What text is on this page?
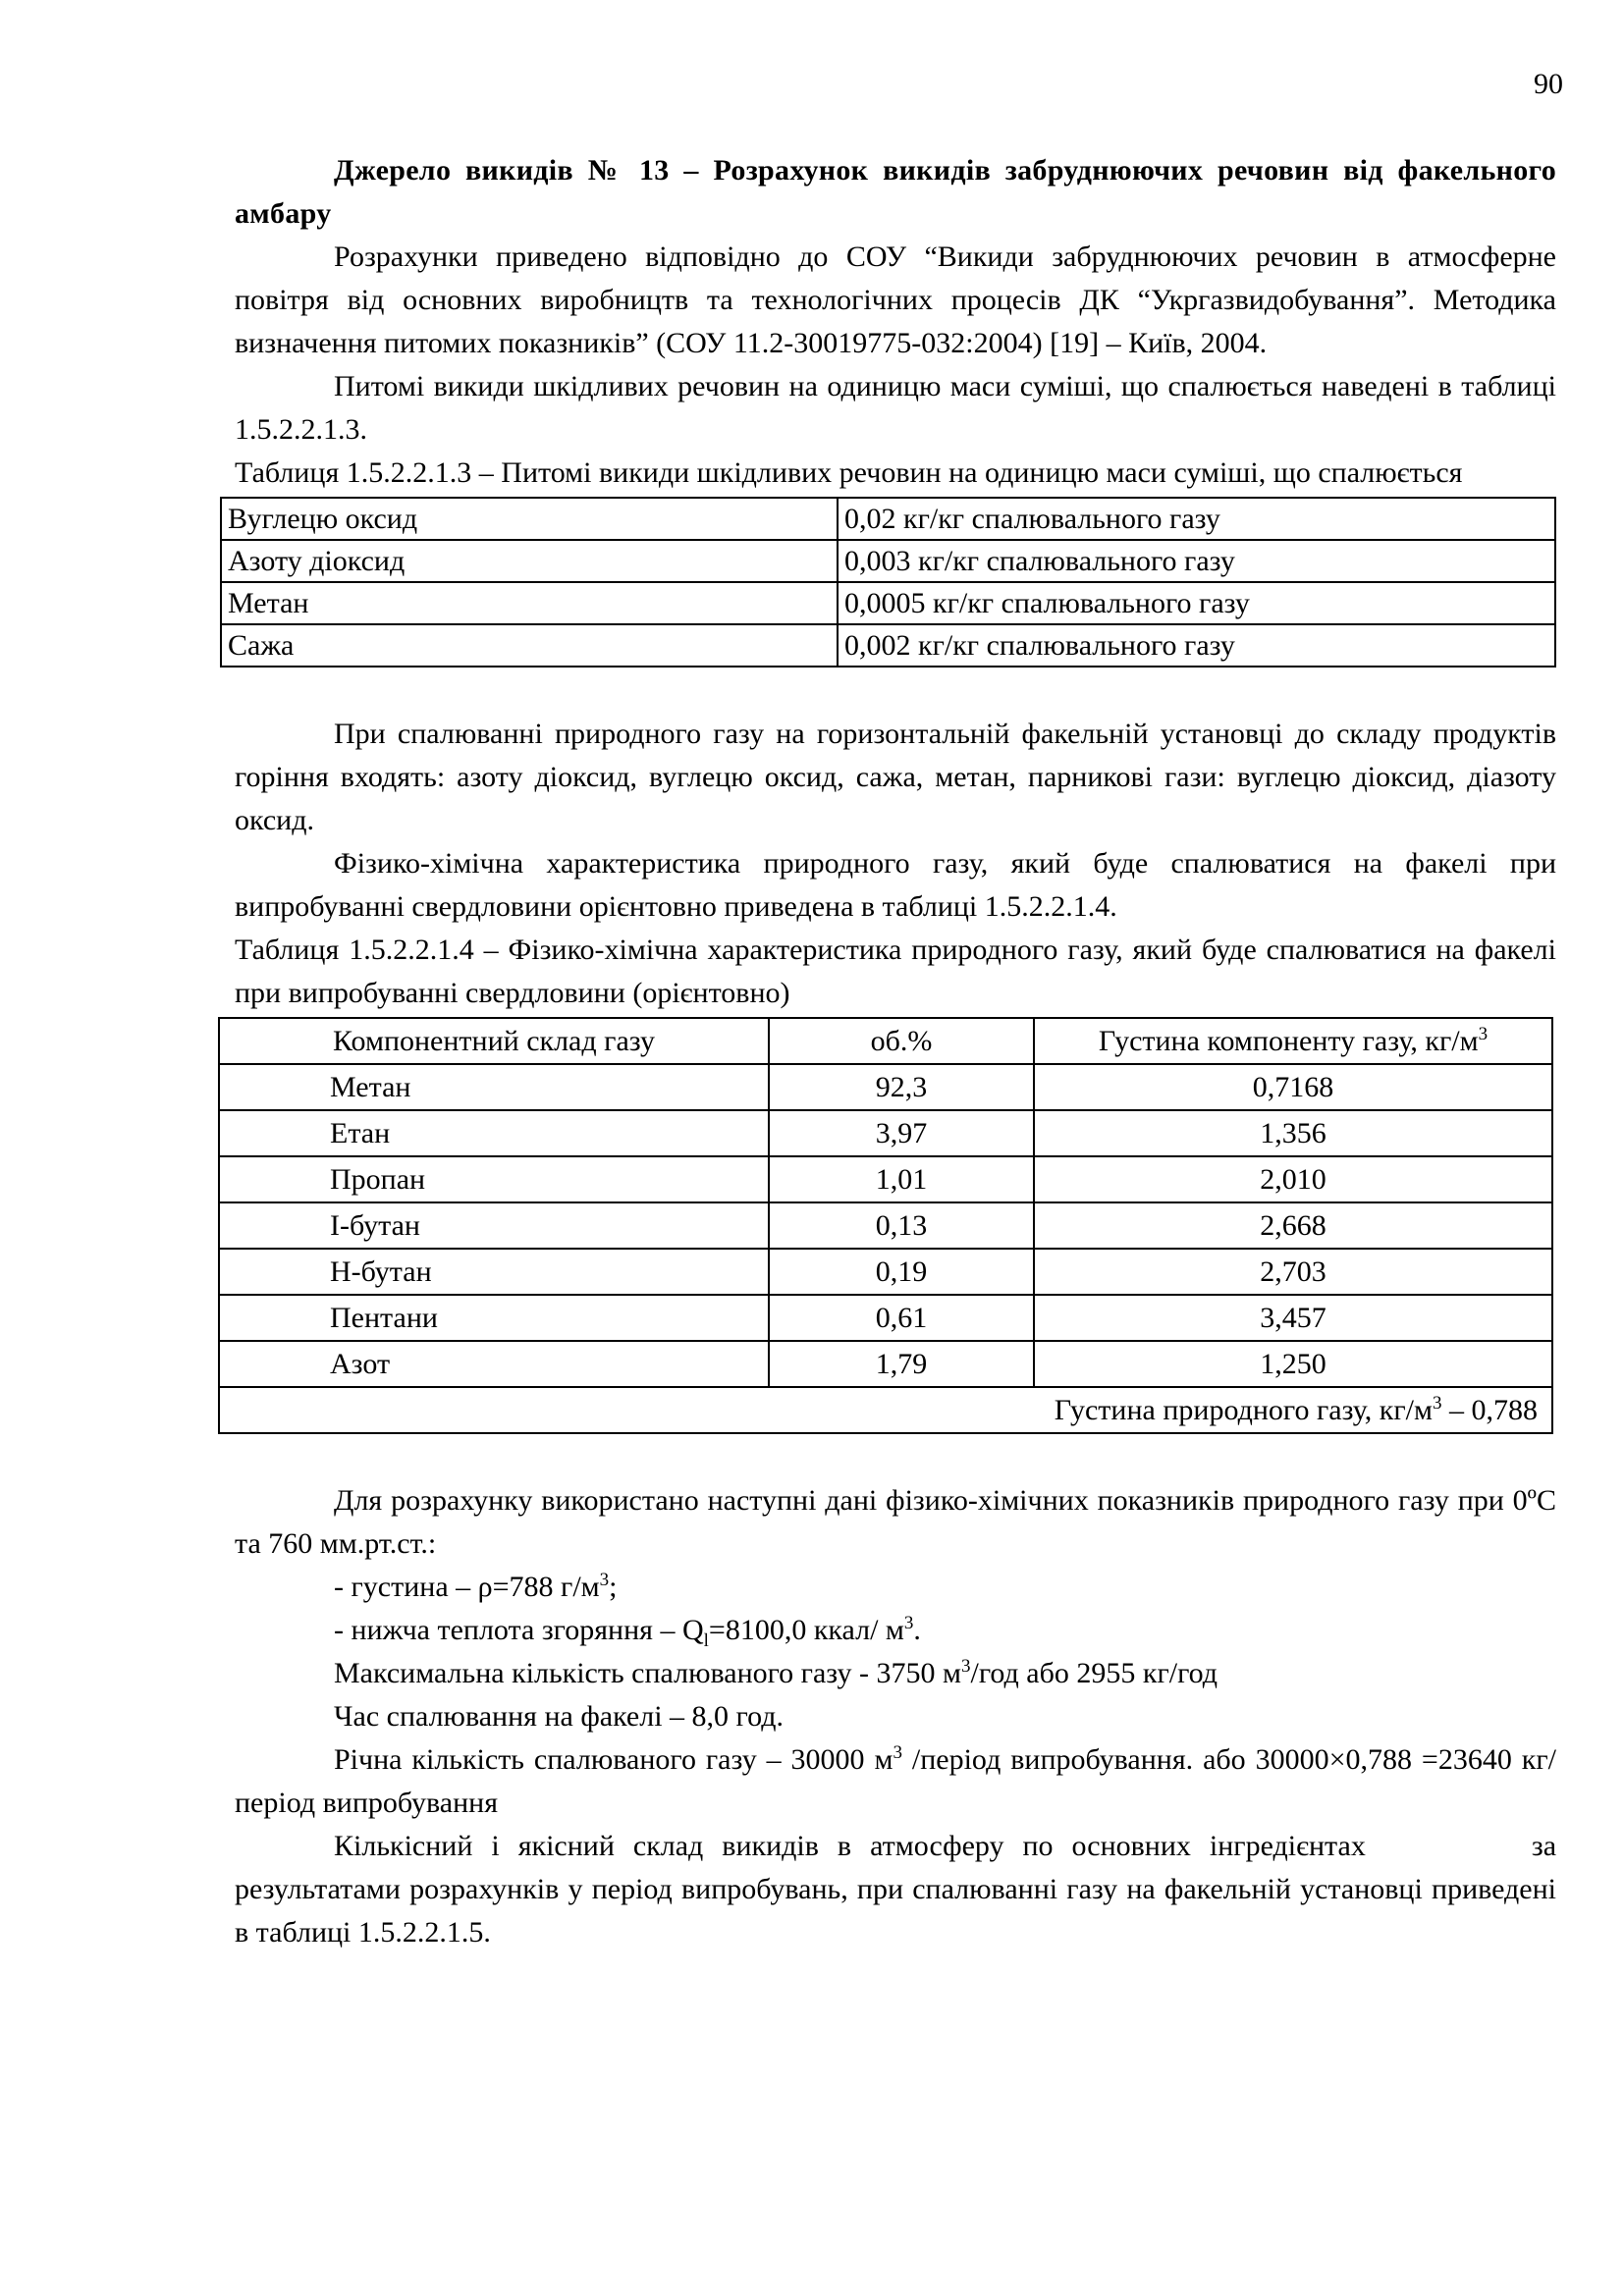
90

Джерело викидів № 13 – Розрахунок викидів забруднюючих речовин від факельного амбару

Розрахунки приведено відповідно до СОУ “Викиди забруднюючих речовин в атмосферне повітря від основних виробництв та технологічних процесів ДК “Укргазвидобування”. Методика визначення питомих показників” (СОУ 11.2-30019775-032:2004) [19] – Київ, 2004.

Питомі викиди шкідливих речовин на одиницю маси суміші, що спалюється наведені в таблиці 1.5.2.2.1.3.

Таблиця 1.5.2.2.1.3 – Питомі викиди шкідливих речовин на одиницю маси суміші, що спалюється

Вуглецю оксид	0,02 кг/кг спалювального газу
Азоту діоксид	0,003 кг/кг спалювального газу
Метан	0,0005 кг/кг спалювального газу
Сажа	0,002 кг/кг спалювального газу

При спалюванні природного газу на горизонтальній факельній установці до складу продуктів горіння входять: азоту діоксид, вуглецю оксид, сажа, метан, парникові гази: вуглецю діоксид, діазоту оксид.

Фізико-хімічна характеристика природного газу, який буде спалюватися на факелі при випробуванні свердловини орієнтовно приведена в таблиці 1.5.2.2.1.4.

Таблиця 1.5.2.2.1.4 – Фізико-хімічна характеристика природного газу, який буде спалюватися на факелі при випробуванні свердловини (орієнтовно)

Компонентний склад газу	об.%	Густина компоненту газу, $кг/м^3$
Метан	92,3	0,7168
Етан	3,97	1,356
Пропан	1,01	2,010
І-бутан	0,13	2,668
Н-бутан	0,19	2,703
Пентани	0,61	3,457
Азот	1,79	1,250
Густина природного газу, $кг/м^3 - 0,788$		

Для розрахунку використано наступні дані фізико-хімічних показників природного газу при 0ºС та 760 мм.рт.ст.:

- густина – ρ=788 $г/м^3$;

- нижча теплота згоряння – $Q_l=8100,0$ ккал/ $м^3$.

Максимальна кількість спалюваного газу - 3750 $м^3$/год або 2955 кг/год

Час спалювання на факелі – 8,0 год.

Річна кількість спалюваного газу – 30000 $м^3$ /період випробування. або 30000×0,788 =23640 кг/період випробування

Кількісний і якісний склад викидів в атмосферу по основних інгредієнтах	за результатами розрахунків у період випробувань, при спалюванні газу на факельній установці приведені в таблиці 1.5.2.2.1.5.
